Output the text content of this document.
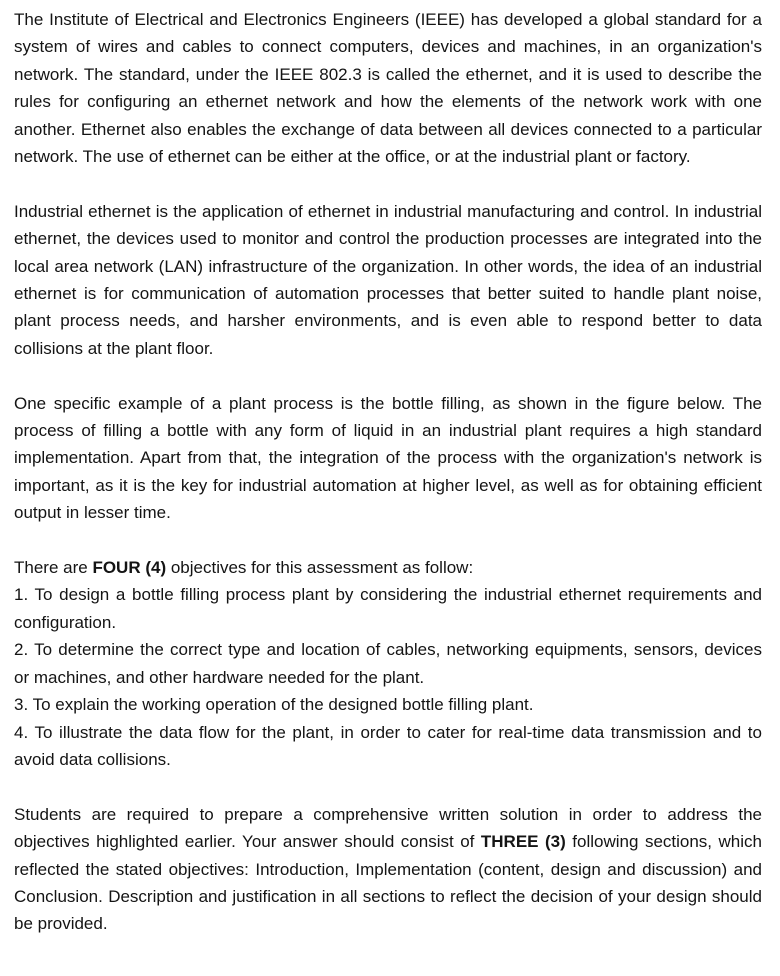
The Institute of Electrical and Electronics Engineers (IEEE) has developed a global standard for a system of wires and cables to connect computers, devices and machines, in an organization's network. The standard, under the IEEE 802.3 is called the ethernet, and it is used to describe the rules for configuring an ethernet network and how the elements of the network work with one another. Ethernet also enables the exchange of data between all devices connected to a particular network. The use of ethernet can be either at the office, or at the industrial plant or factory.

Industrial ethernet is the application of ethernet in industrial manufacturing and control. In industrial ethernet, the devices used to monitor and control the production processes are integrated into the local area network (LAN) infrastructure of the organization. In other words, the idea of an industrial ethernet is for communication of automation processes that better suited to handle plant noise, plant process needs, and harsher environments, and is even able to respond better to data collisions at the plant floor.

One specific example of a plant process is the bottle filling, as shown in the figure below. The process of filling a bottle with any form of liquid in an industrial plant requires a high standard implementation. Apart from that, the integration of the process with the organization's network is important, as it is the key for industrial automation at higher level, as well as for obtaining efficient output in lesser time.

There are FOUR (4) objectives for this assessment as follow:

1. To design a bottle filling process plant by considering the industrial ethernet requirements and configuration.

2. To determine the correct type and location of cables, networking equipments, sensors, devices or machines, and other hardware needed for the plant.

3. To explain the working operation of the designed bottle filling plant.

4. To illustrate the data flow for the plant, in order to cater for real-time data transmission and to avoid data collisions.

Students are required to prepare a comprehensive written solution in order to address the objectives highlighted earlier. Your answer should consist of THREE (3) following sections, which reflected the stated objectives: Introduction, Implementation (content, design and discussion) and Conclusion. Description and justification in all sections to reflect the decision of your design should be provided.
